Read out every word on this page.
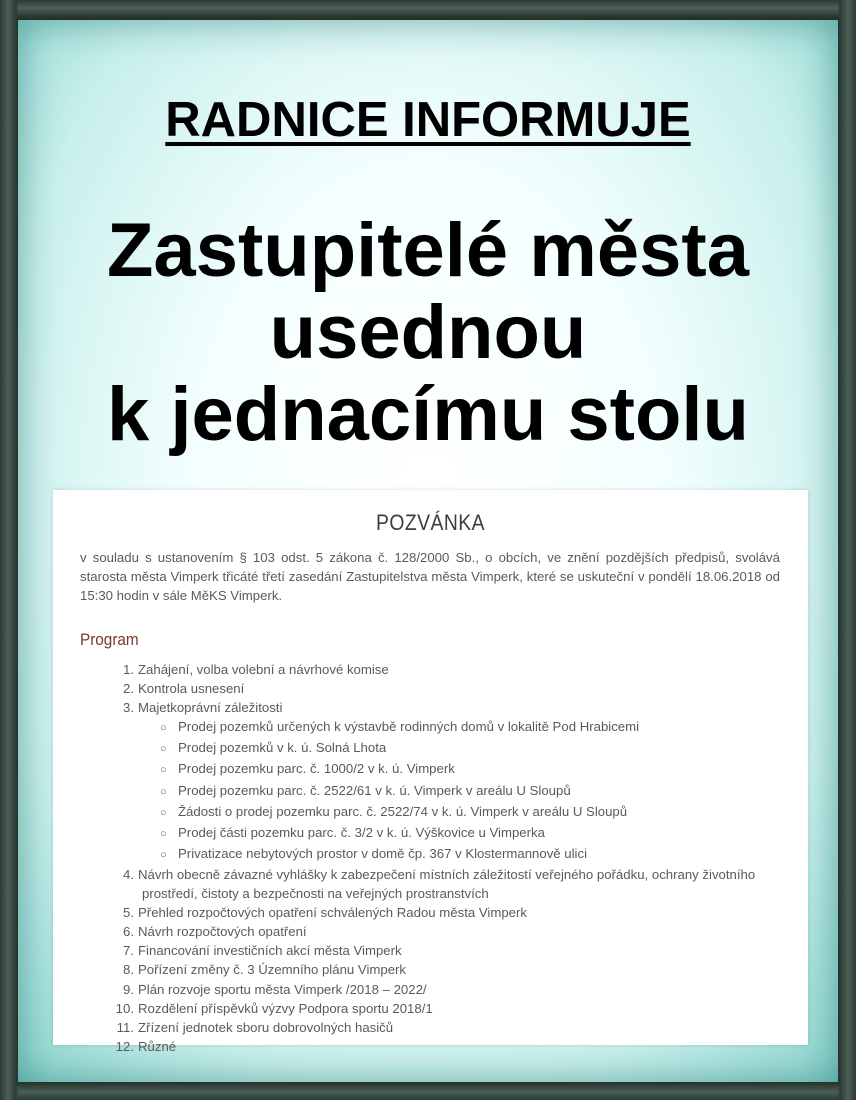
RADNICE INFORMUJE
Zastupitelé města
usednou
k jednacímu stolu
POZVÁNKA
v souladu s ustanovením § 103 odst. 5 zákona č. 128/2000 Sb., o obcích, ve znění pozdějších předpisů, svolává starosta města Vimperk třicáté třetí zasedání Zastupitelstva města Vimperk, které se uskuteční v pondělí 18.06.2018 od 15:30 hodin v sále MěKS Vimperk.
Program
1. Zahájení, volba volební a návrhové komise
2. Kontrola usnesení
3. Majetkoprávní záležitosti
○ Prodej pozemků určených k výstavbě rodinných domů v lokalitě Pod Hrabicemi
○ Prodej pozemků v k. ú. Solná Lhota
○ Prodej pozemku parc. č. 1000/2 v k. ú. Vimperk
○ Prodej pozemku parc. č. 2522/61 v k. ú. Vimperk v areálu U Sloupů
○ Žádosti o prodej pozemku parc. č. 2522/74 v k. ú. Vimperk v areálu U Sloupů
○ Prodej části pozemku parc. č. 3/2 v k. ú. Výškovice u Vimperka
○ Privatizace nebytových prostor v domě čp. 367 v Klostermannově ulici
4. Návrh obecně závazné vyhlášky k zabezpečení místních záležitostí veřejného pořádku, ochrany životního
prostředí, čistoty a bezpečnosti na veřejných prostranstvích
5. Přehled rozpočtových opatření schválených Radou města Vimperk
6. Návrh rozpočtových opatření
7. Financování investičních akcí města Vimperk
8. Pořízení změny č. 3 Územního plánu Vimperk
9. Plán rozvoje sportu města Vimperk /2018 – 2022/
10. Rozdělení příspěvků výzvy Podpora sportu 2018/1
11. Zřízení jednotek sboru dobrovolných hasičů
12. Různé
